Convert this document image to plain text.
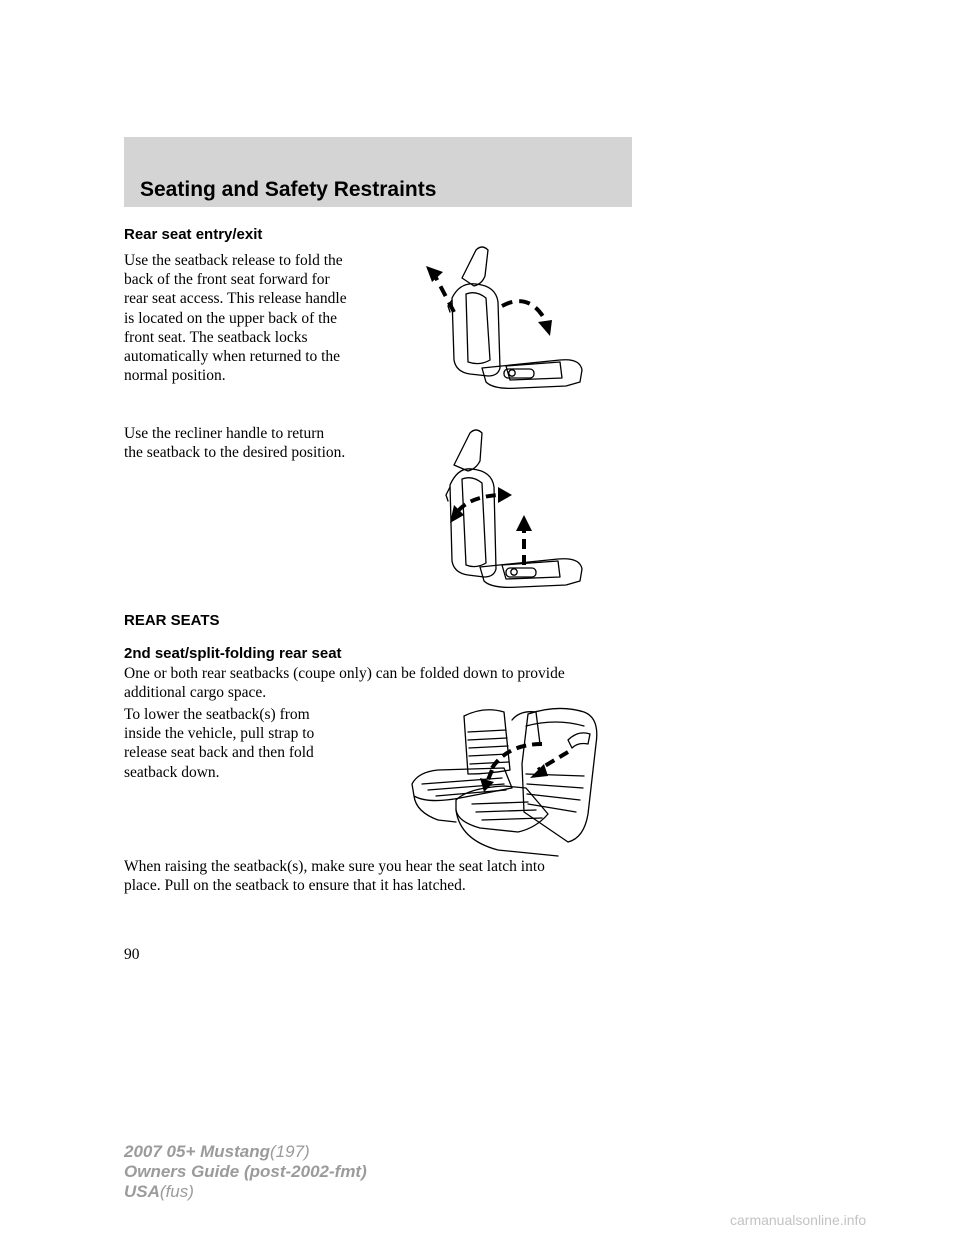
Seating and Safety Restraints
Rear seat entry/exit
Use the seatback release to fold the
back of the front seat forward for
rear seat access. This release handle
is located on the upper back of the
front seat. The seatback locks
automatically when returned to the
normal position.
Use the recliner handle to return
the seatback to the desired position.
REAR SEATS
2nd seat/split-folding rear seat
One or both rear seatbacks (coupe only) can be folded down to provide
additional cargo space.
To lower the seatback(s) from
inside the vehicle, pull strap to
release seat back and then fold
seatback down.
When raising the seatback(s), make sure you hear the seat latch into
place. Pull on the seatback to ensure that it has latched.
90
2007 05+ Mustang(197)
Owners Guide (post-2002-fmt)
USA(fus)
carmanualsonline.info
